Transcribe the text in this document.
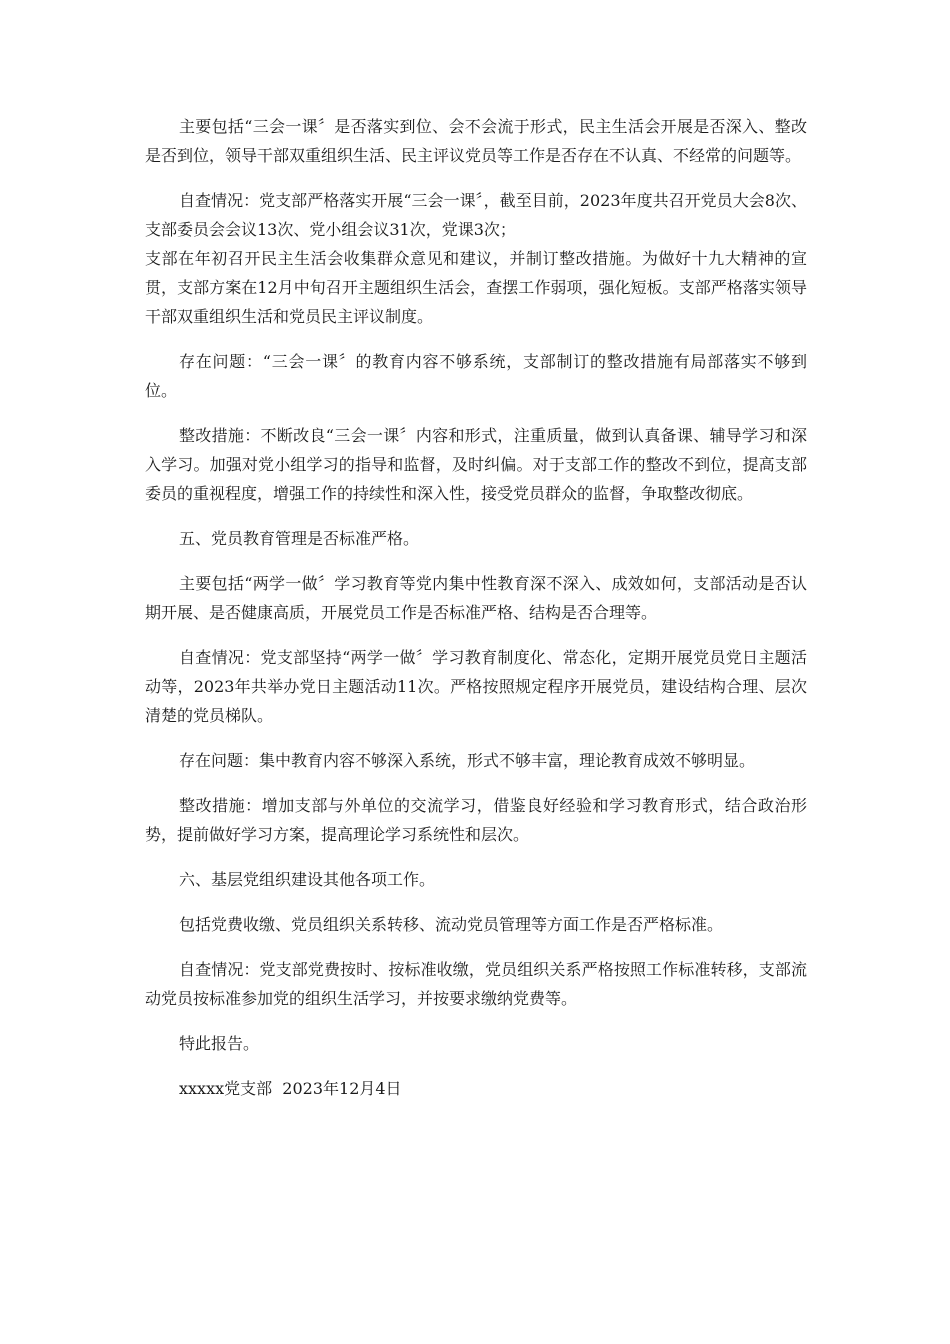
主要包括“三会一课〞是否落实到位、会不会流于形式，民主生活会开展是否深入、整改是否到位，领导干部双重组织生活、民主评议党员等工作是否存在不认真、不经常的问题等。

自查情况：党支部严格落实开展“三会一课〞，截至目前，2023年度共召开党员大会8次、支部委员会会议13次、党小组会议31次，党课3次；

支部在年初召开民主生活会收集群众意见和建议，并制订整改措施。为做好十九大精神的宣贯，支部方案在12月中旬召开主题组织生活会，查摆工作弱项，强化短板。支部严格落实领导干部双重组织生活和党员民主评议制度。

存在问题：“三会一课〞的教育内容不够系统，支部制订的整改措施有局部落实不够到位。

整改措施：不断改良“三会一课〞内容和形式，注重质量，做到认真备课、辅导学习和深入学习。加强对党小组学习的指导和监督，及时纠偏。对于支部工作的整改不到位，提高支部委员的重视程度，增强工作的持续性和深入性，接受党员群众的监督，争取整改彻底。

五、党员教育管理是否标准严格。

主要包括“两学一做〞学习教育等党内集中性教育深不深入、成效如何，支部活动是否认期开展、是否健康高质，开展党员工作是否标准严格、结构是否合理等。

自查情况：党支部坚持“两学一做〞学习教育制度化、常态化，定期开展党员党日主题活动等，2023年共举办党日主题活动11次。严格按照规定程序开展党员，建设结构合理、层次清楚的党员梯队。

存在问题：集中教育内容不够深入系统，形式不够丰富，理论教育成效不够明显。

整改措施：增加支部与外单位的交流学习，借鉴良好经验和学习教育形式，结合政治形势，提前做好学习方案，提高理论学习系统性和层次。

六、基层党组织建设其他各项工作。

包括党费收缴、党员组织关系转移、流动党员管理等方面工作是否严格标准。

自查情况：党支部党费按时、按标准收缴，党员组织关系严格按照工作标准转移，支部流动党员按标准参加党的组织生活学习，并按要求缴纳党费等。

特此报告。

xxxxx党支部  2023年12月4日
